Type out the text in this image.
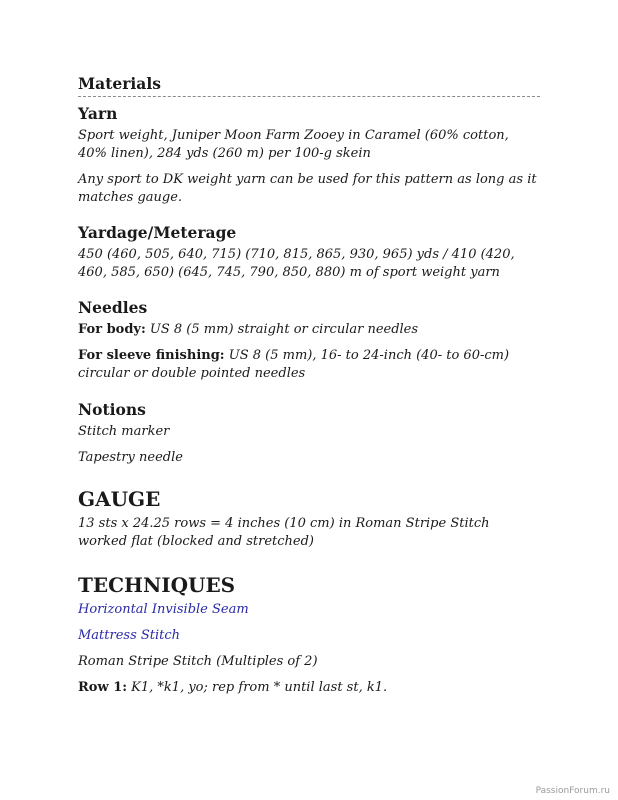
Materials
Yarn

Sport weight, Juniper Moon Farm Zooey in Caramel (60% cotton, 40% linen), 284 yds (260 m) per 100-g skein

Any sport to DK weight yarn can be used for this pattern as long as it matches gauge.

Yardage/Meterage

450 (460, 505, 640, 715) (710, 815, 865, 930, 965) yds / 410 (420, 460, 585, 650) (645, 745, 790, 850, 880) m of sport weight yarn

Needles

For body: US 8 (5 mm) straight or circular needles

For sleeve finishing: US 8 (5 mm), 16- to 24-inch (40- to 60-cm) circular or double pointed needles

Notions

Stitch marker

Tapestry needle

GAUGE

13 sts x 24.25 rows = 4 inches (10 cm) in Roman Stripe Stitch worked flat (blocked and stretched)

TECHNIQUES

Horizontal Invisible Seam

Mattress Stitch

Roman Stripe Stitch (Multiples of 2)

Row 1: K1, *k1, yo; rep from * until last st, k1.

PassionForum.ru
